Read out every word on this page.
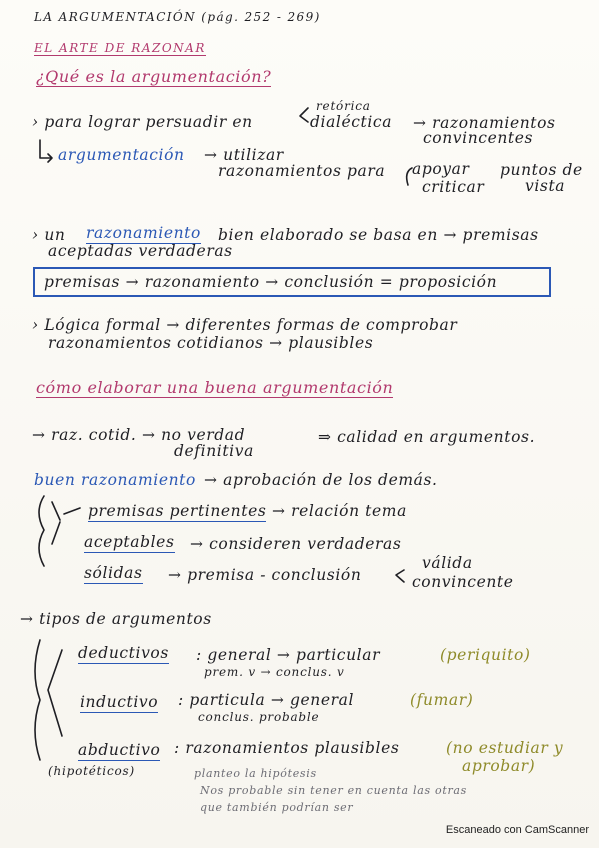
LA ARGUMENTACIÓN (pág. 252 - 269)
EL ARTE DE RAZONAR
¿Qué es la argumentación?
› para lograr persuadir en
retórica
dialéctica → razonamientos
convincentes
argumentación → utilizar
razonamientos para apoyar
criticar
puntos de
vista
› un razonamiento bien elaborado se basa en → premisas
aceptadas verdaderas
premisas → razonamiento → conclusión = proposición
› Lógica formal → diferentes formas de comprobar
razonamientos cotidianos → plausibles
cómo elaborar una buena argumentación
→ raz. cotid. → no verdad
definitiva
⇒ calidad en argumentos.
buen razonamiento → aprobación de los demás.
premisas pertinentes → relación tema
aceptables → consideren verdaderas
sólidas → premisa - conclusión
válida
convincente
→ tipos de argumentos
deductivos : general → particular	(periquito)
prem. v → conclus. v
inductivo : particula → general	(fumar)
conclus. probable
abductivo : razonamientos plausibles	(no estudiar y
aprobar)
(hipotéticos)	planteo la hipótesis
Nos probable sin tener en cuenta las otras
que también podrían ser
Escaneado con CamScanner
